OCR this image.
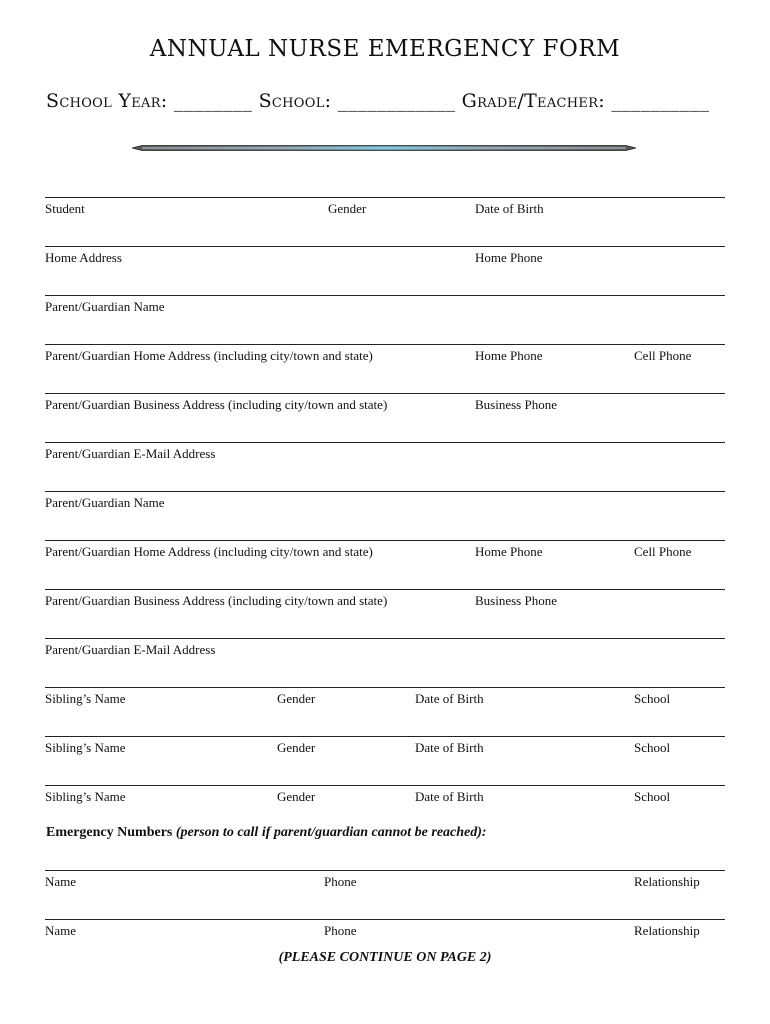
ANNUAL NURSE EMERGENCY FORM
School Year: ________ School: ____________ Grade/Teacher: __________
Student	Gender	Date of Birth
Home Address	Home Phone
Parent/Guardian Name
Parent/Guardian Home Address (including city/town and state)	Home Phone	Cell Phone
Parent/Guardian Business Address (including city/town and state)	Business Phone
Parent/Guardian E-Mail Address
Parent/Guardian Name
Parent/Guardian Home Address (including city/town and state)	Home Phone	Cell Phone
Parent/Guardian Business Address (including city/town and state)	Business Phone
Parent/Guardian E-Mail Address
Sibling’s Name	Gender	Date of Birth	School
Sibling’s Name	Gender	Date of Birth	School
Sibling’s Name	Gender	Date of Birth	School
Emergency Numbers (person to call if parent/guardian cannot be reached):
Name	Phone	Relationship
Name	Phone	Relationship
(PLEASE CONTINUE ON PAGE 2)
